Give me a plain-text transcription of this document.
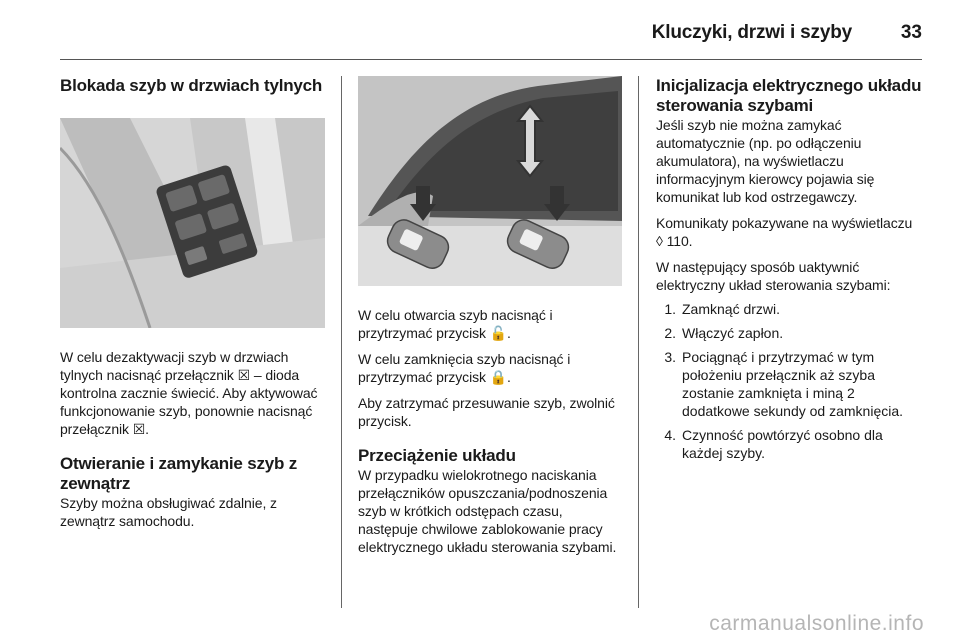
Kluczyki, drzwi i szyby	33
Blokada szyb w drzwiach tylnych

W celu dezaktywacji szyb w drzwiach tylnych nacisnąć przełącznik ☒ – dioda kontrolna zacznie świecić. Aby aktywować funkcjonowanie szyb, ponownie nacisnąć przełącznik ☒.

Otwieranie i zamykanie szyb z zewnątrz

Szyby można obsługiwać zdalnie, z zewnątrz samochodu.

W celu otwarcia szyb nacisnąć i przytrzymać przycisk 🔓.

W celu zamknięcia szyb nacisnąć i przytrzymać przycisk 🔒.

Aby zatrzymać przesuwanie szyb, zwolnić przycisk.

Przeciążenie układu

W przypadku wielokrotnego naciskania przełączników opuszczania/podnoszenia szyb w krótkich odstępach czasu, następuje chwilowe zablokowanie pracy elektrycznego układu sterowania szybami.

Inicjalizacja elektrycznego układu sterowania szybami

Jeśli szyb nie można zamykać automatycznie (np. po odłączeniu akumulatora), na wyświetlaczu informacyjnym kierowcy pojawia się komunikat lub kod ostrzegawczy.

Komunikaty pokazywane na wyświetlaczu ◊ 110.

W następujący sposób uaktywnić elektryczny układ sterowania szybami:

1. Zamknąć drzwi.
2. Włączyć zapłon.
3. Pociągnąć i przytrzymać w tym położeniu przełącznik aż szyba zostanie zamknięta i miną 2 dodatkowe sekundy od zamknięcia.
4. Czynność powtórzyć osobno dla każdej szyby.
carmanualsonline.info
